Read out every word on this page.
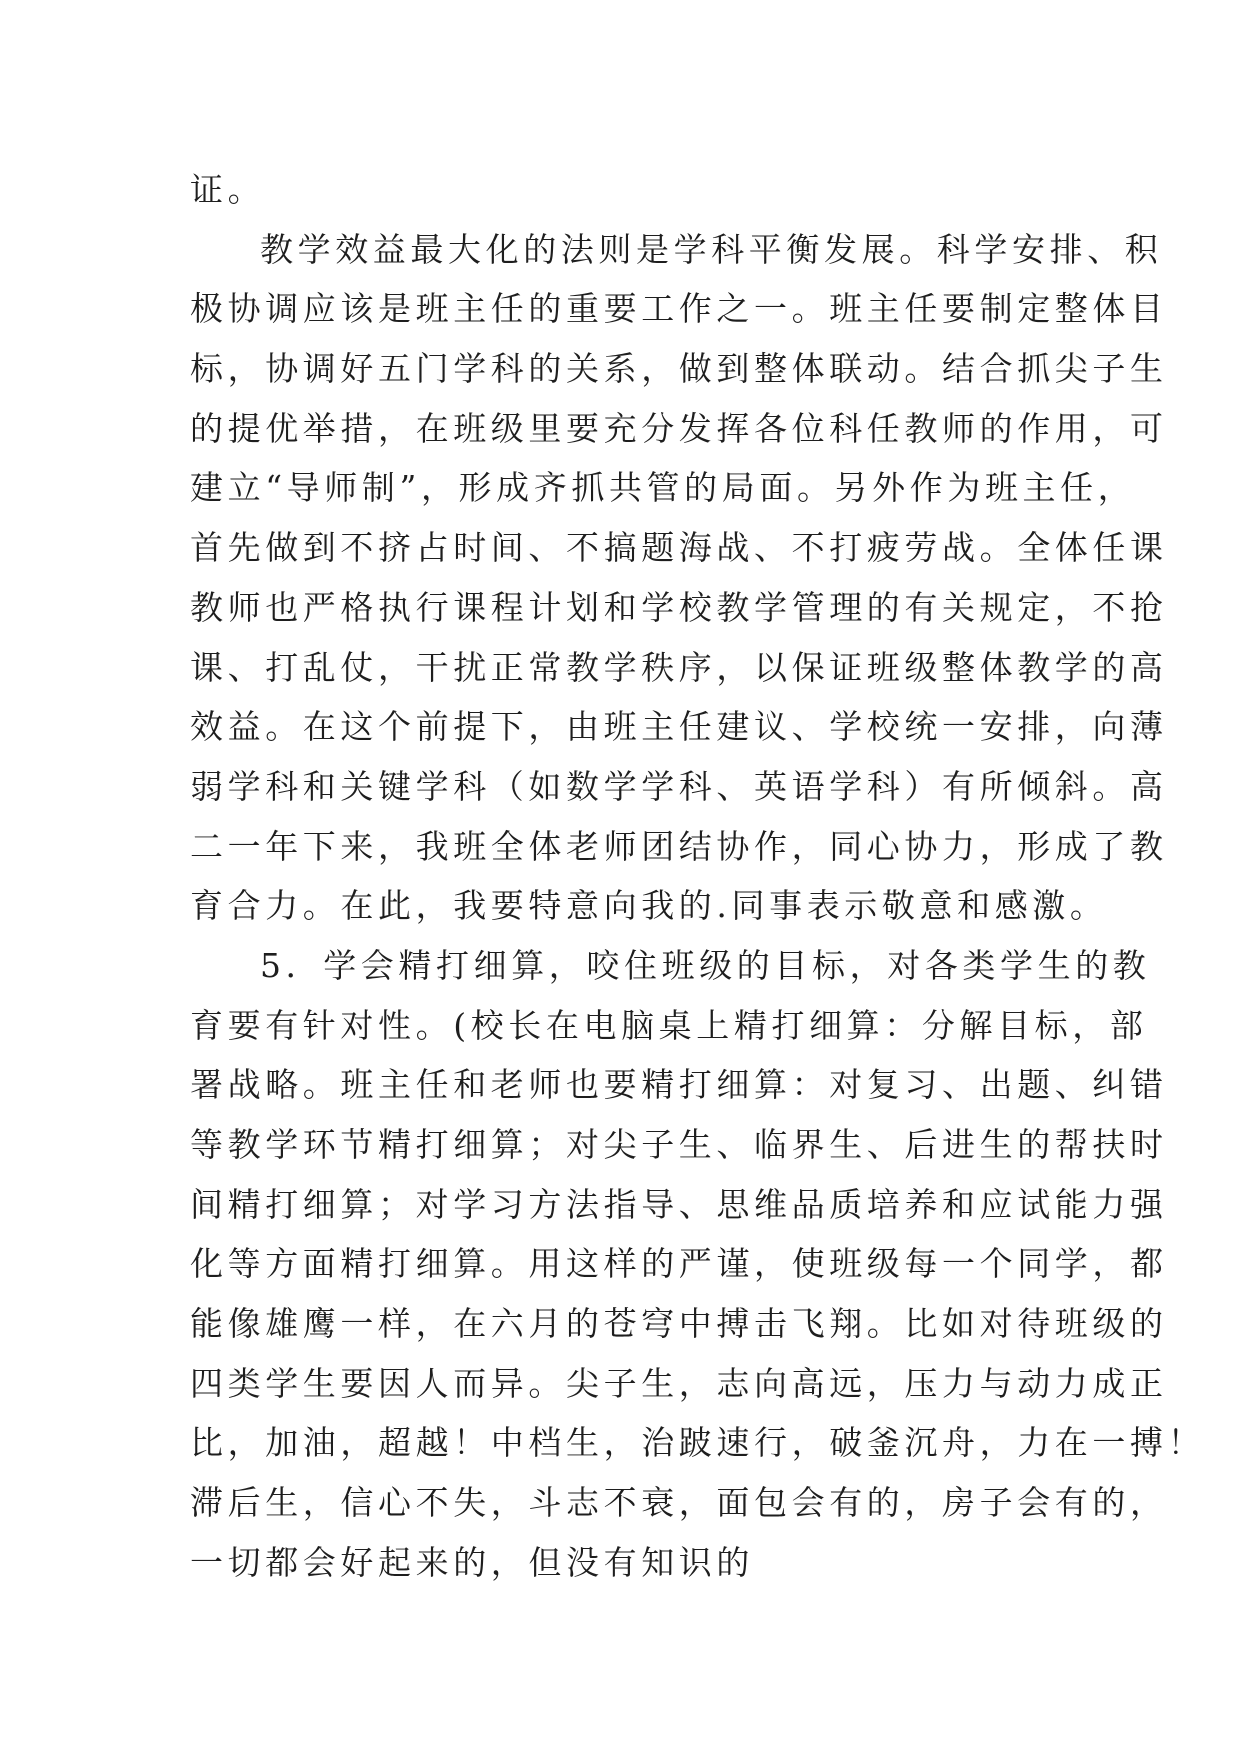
证。
教学效益最大化的法则是学科平衡发展。科学安排、积
极协调应该是班主任的重要工作之一。班主任要制定整体目
标，协调好五门学科的关系，做到整体联动。结合抓尖子生
的提优举措，在班级里要充分发挥各位科任教师的作用，可
建立“导师制”，形成齐抓共管的局面。另外作为班主任，
首先做到不挤占时间、不搞题海战、不打疲劳战。全体任课
教师也严格执行课程计划和学校教学管理的有关规定，不抢
课、打乱仗，干扰正常教学秩序，以保证班级整体教学的高
效益。在这个前提下，由班主任建议、学校统一安排，向薄
弱学科和关键学科（如数学学科、英语学科）有所倾斜。高
二一年下来，我班全体老师团结协作，同心协力，形成了教
育合力。在此，我要特意向我的.同事表示敬意和感激。
5．学会精打细算，咬住班级的目标，对各类学生的教
育要有针对性。(校长在电脑桌上精打细算：分解目标，部
署战略。班主任和老师也要精打细算：对复习、出题、纠错
等教学环节精打细算；对尖子生、临界生、后进生的帮扶时
间精打细算；对学习方法指导、思维品质培养和应试能力强
化等方面精打细算。用这样的严谨，使班级每一个同学，都
能像雄鹰一样，在六月的苍穹中搏击飞翔。比如对待班级的
四类学生要因人而异。尖子生，志向高远，压力与动力成正
比，加油，超越！中档生，治跛速行，破釜沉舟，力在一搏！
滞后生，信心不失，斗志不衰，面包会有的，房子会有的，
一切都会好起来的，但没有知识的
